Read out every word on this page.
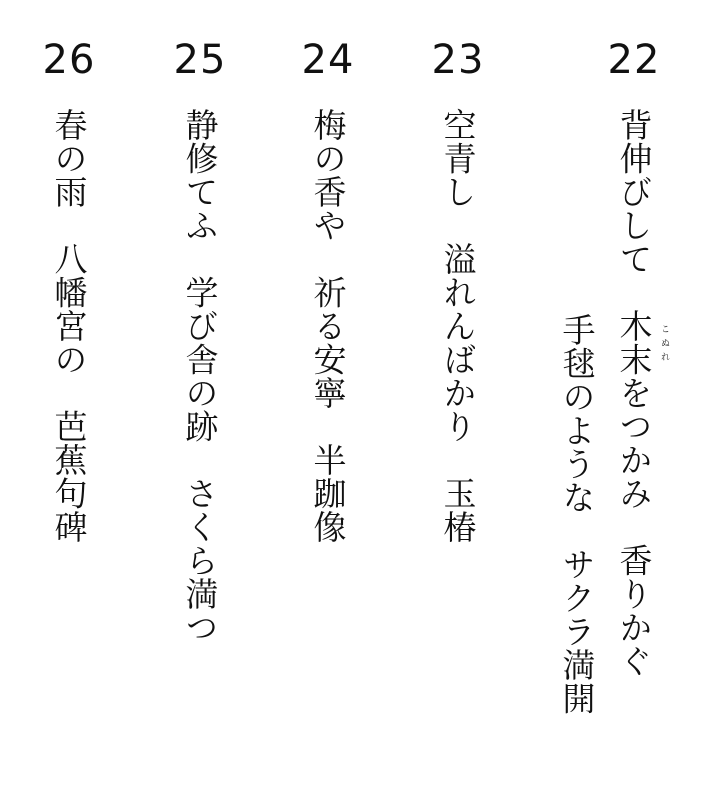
22
背伸びして　木末をつかみ　香りかぐ こぬれ
手毬のような　サクラ満開
23
空青し　溢れんばかり　玉椿
24
梅の香や　祈る安寧　半跏像
25
静修てふ　学び舎の跡　さくら満つ
26
春の雨　八幡宮の　芭蕉句碑
